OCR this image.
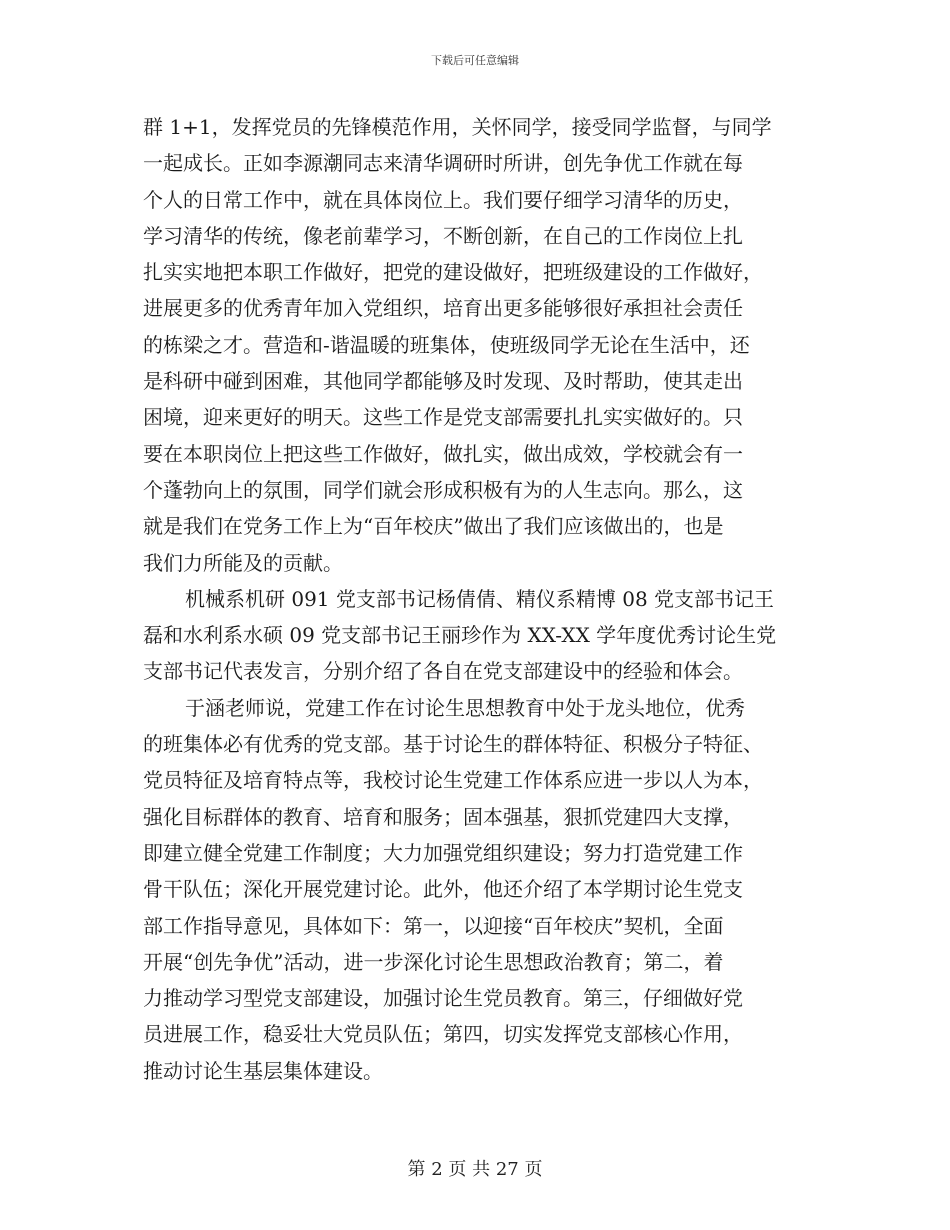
下载后可任意编辑
群 1+1，发挥党员的先锋模范作用，关怀同学，接受同学监督，与同学
一起成长。正如李源潮同志来清华调研时所讲，创先争优工作就在每
个人的日常工作中，就在具体岗位上。我们要仔细学习清华的历史，
学习清华的传统，像老前辈学习，不断创新，在自己的工作岗位上扎
扎实实地把本职工作做好，把党的建设做好，把班级建设的工作做好，
进展更多的优秀青年加入党组织，培育出更多能够很好承担社会责任
的栋梁之才。营造和-谐温暖的班集体，使班级同学无论在生活中，还
是科研中碰到困难，其他同学都能够及时发现、及时帮助，使其走出
困境，迎来更好的明天。这些工作是党支部需要扎扎实实做好的。只
要在本职岗位上把这些工作做好，做扎实，做出成效，学校就会有一
个蓬勃向上的氛围，同学们就会形成积极有为的人生志向。那么，这
就是我们在党务工作上为“百年校庆”做出了我们应该做出的，也是
我们力所能及的贡献。
机械系机研 091 党支部书记杨倩倩、精仪系精博 08 党支部书记王
磊和水利系水硕 09 党支部书记王丽珍作为 XX-XX 学年度优秀讨论生党
支部书记代表发言，分别介绍了各自在党支部建设中的经验和体会。
于涵老师说，党建工作在讨论生思想教育中处于龙头地位，优秀
的班集体必有优秀的党支部。基于讨论生的群体特征、积极分子特征、
党员特征及培育特点等，我校讨论生党建工作体系应进一步以人为本，
强化目标群体的教育、培育和服务；固本强基，狠抓党建四大支撑，
即建立健全党建工作制度；大力加强党组织建设；努力打造党建工作
骨干队伍；深化开展党建讨论。此外，他还介绍了本学期讨论生党支
部工作指导意见，具体如下：第一，以迎接“百年校庆”契机，全面
开展“创先争优”活动，进一步深化讨论生思想政治教育；第二，着
力推动学习型党支部建设，加强讨论生党员教育。第三，仔细做好党
员进展工作，稳妥壮大党员队伍；第四，切实发挥党支部核心作用，
推动讨论生基层集体建设。
第 2 页 共 27 页
